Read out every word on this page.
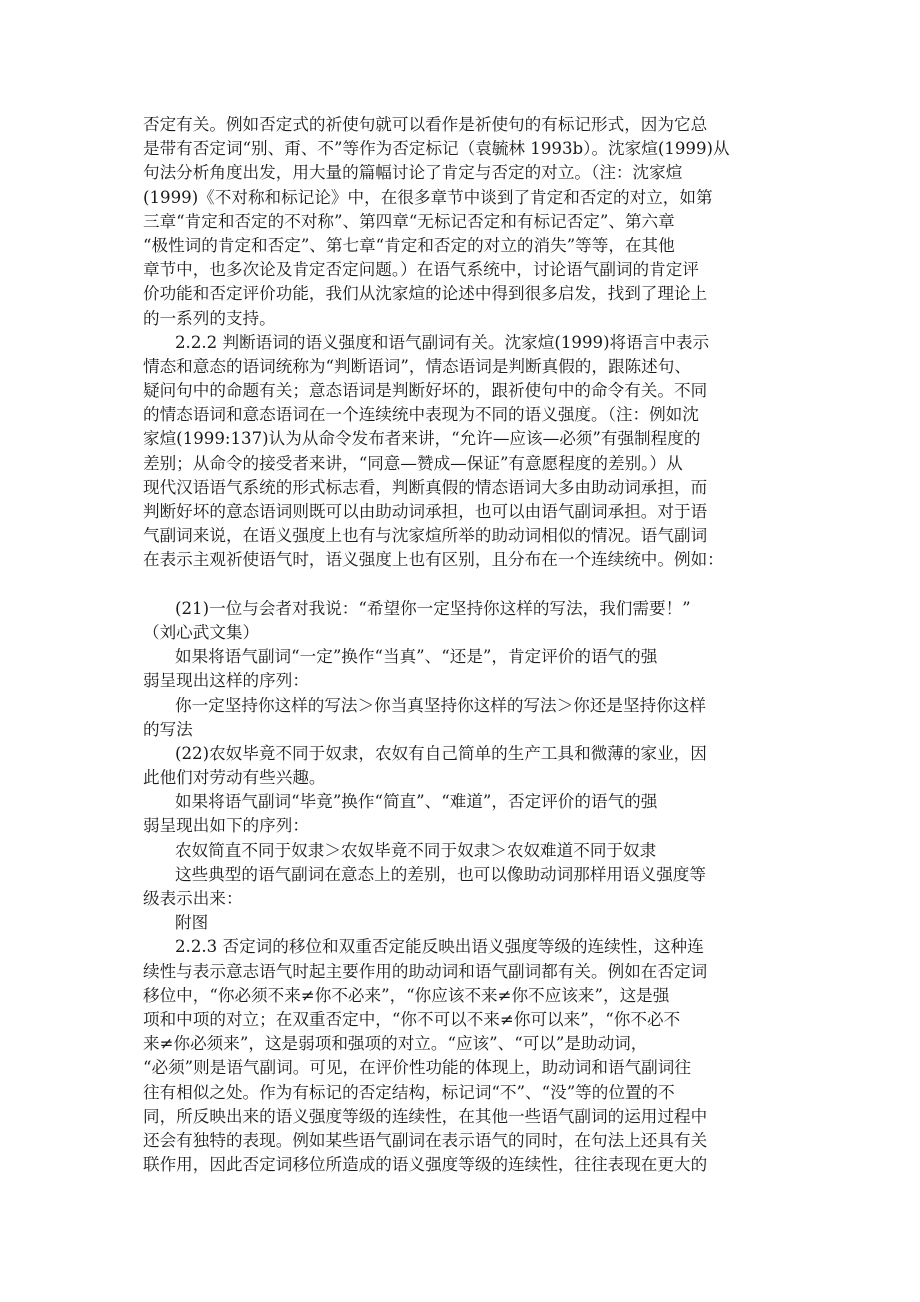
否定有关。例如否定式的祈使句就可以看作是祈使句的有标记形式，因为它总
是带有否定词“别、甭、不”等作为否定标记（袁毓林 1993b）。沈家煊(1999)从
句法分析角度出发，用大量的篇幅讨论了肯定与否定的对立。（注：沈家煊
(1999)《不对称和标记论》中，在很多章节中谈到了肯定和否定的对立，如第
三章“肯定和否定的不对称”、第四章“无标记否定和有标记否定”、第六章
“极性词的肯定和否定”、第七章“肯定和否定的对立的消失”等等，在其他
章节中，也多次论及肯定否定问题。）在语气系统中，讨论语气副词的肯定评
价功能和否定评价功能，我们从沈家煊的论述中得到很多启发，找到了理论上
的一系列的支持。
2.2.2 判断语词的语义强度和语气副词有关。沈家煊(1999)将语言中表示
情态和意态的语词统称为“判断语词”，情态语词是判断真假的，跟陈述句、
疑问句中的命题有关；意态语词是判断好坏的，跟祈使句中的命令有关。不同
的情态语词和意态语词在一个连续统中表现为不同的语义强度。（注：例如沈
家煊(1999:137)认为从命令发布者来讲，“允许—应该—必须”有强制程度的
差别；从命令的接受者来讲，“同意—赞成—保证”有意愿程度的差别。）从
现代汉语语气系统的形式标志看，判断真假的情态语词大多由助动词承担，而
判断好坏的意态语词则既可以由助动词承担，也可以由语气副词承担。对于语
气副词来说，在语义强度上也有与沈家煊所举的助动词相似的情况。语气副词
在表示主观祈使语气时，语义强度上也有区别，且分布在一个连续统中。例如：
(21)一位与会者对我说：“希望你一定坚持你这样的写法，我们需要！”
（刘心武文集）
如果将语气副词“一定”换作“当真”、“还是”，肯定评价的语气的强
弱呈现出这样的序列：
你一定坚持你这样的写法＞你当真坚持你这样的写法＞你还是坚持你这样
的写法
(22)农奴毕竟不同于奴隶，农奴有自己简单的生产工具和微薄的家业，因
此他们对劳动有些兴趣。
如果将语气副词“毕竟”换作“简直”、“难道”，否定评价的语气的强
弱呈现出如下的序列：
农奴简直不同于奴隶＞农奴毕竟不同于奴隶＞农奴难道不同于奴隶
这些典型的语气副词在意态上的差别，也可以像助动词那样用语义强度等
级表示出来：
附图
2.2.3 否定词的移位和双重否定能反映出语义强度等级的连续性，这种连
续性与表示意志语气时起主要作用的助动词和语气副词都有关。例如在否定词
移位中，“你必须不来≠你不必来”，“你应该不来≠你不应该来”，这是强
项和中项的对立；在双重否定中，“你不可以不来≠你可以来”，“你不必不
来≠你必须来”，这是弱项和强项的对立。“应该”、“可以”是助动词，
“必须”则是语气副词。可见，在评价性功能的体现上，助动词和语气副词往
往有相似之处。作为有标记的否定结构，标记词“不”、“没”等的位置的不
同，所反映出来的语义强度等级的连续性，在其他一些语气副词的运用过程中
还会有独特的表现。例如某些语气副词在表示语气的同时，在句法上还具有关
联作用，因此否定词移位所造成的语义强度等级的连续性，往往表现在更大的
